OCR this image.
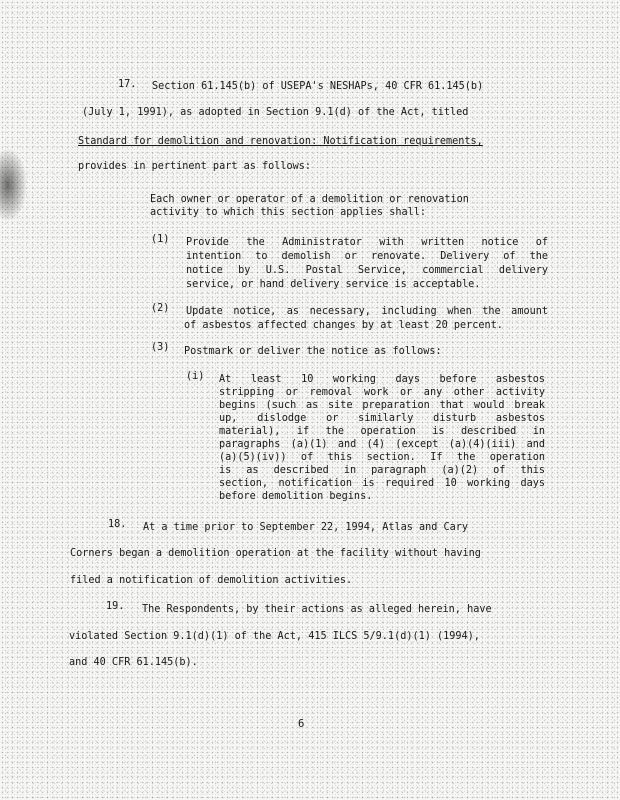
17. Section 61.145(b) of USEPA's NESHAPs, 40 CFR 61.145(b)
(July 1, 1991), as adopted in Section 9.1(d) of the Act, titled
Standard for demolition and renovation: Notification requirements,
provides in pertinent part as follows:
Each owner or operator of a demolition or renovation
activity to which this section applies shall:
(1) Provide the Administrator with written notice of
intention to demolish or renovate. Delivery of the
notice by U.S. Postal Service, commercial delivery
service, or hand delivery service is acceptable.
(2) Update notice, as necessary, including when the amount
of asbestos affected changes by at least 20 percent.
(3) Postmark or deliver the notice as follows:
(i) At least 10 working days before asbestos
stripping or removal work or any other activity
begins (such as site preparation that would break
up, dislodge or similarly disturb asbestos
material), if the operation is described in
paragraphs (a)(1) and (4) (except (a)(4)(iii) and
(a)(5)(iv)) of this section. If the operation
is as described in paragraph (a)(2) of this
section, notification is required 10 working days
before demolition begins.
18. At a time prior to September 22, 1994, Atlas and Cary
Corners began a demolition operation at the facility without having
filed a notification of demolition activities.
19. The Respondents, by their actions as alleged herein, have
violated Section 9.1(d)(1) of the Act, 415 ILCS 5/9.1(d)(1) (1994),
and 40 CFR 61.145(b).
6
